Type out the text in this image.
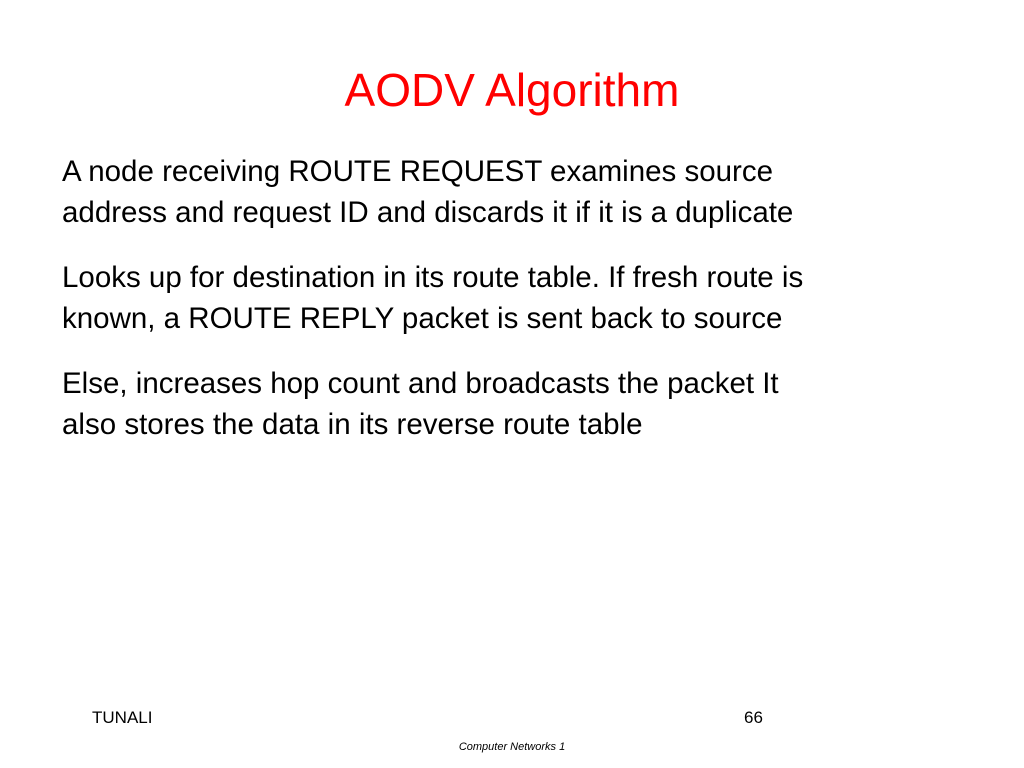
AODV Algorithm

A node receiving ROUTE REQUEST examines source
address and request ID and discards it if it is a duplicate

Looks up for destination in its route table. If fresh route is
known, a ROUTE REPLY packet is sent back to source

Else, increases hop count and broadcasts the packet It
also stores the data in its reverse route table

TUNALI	66
Computer Networks 1
